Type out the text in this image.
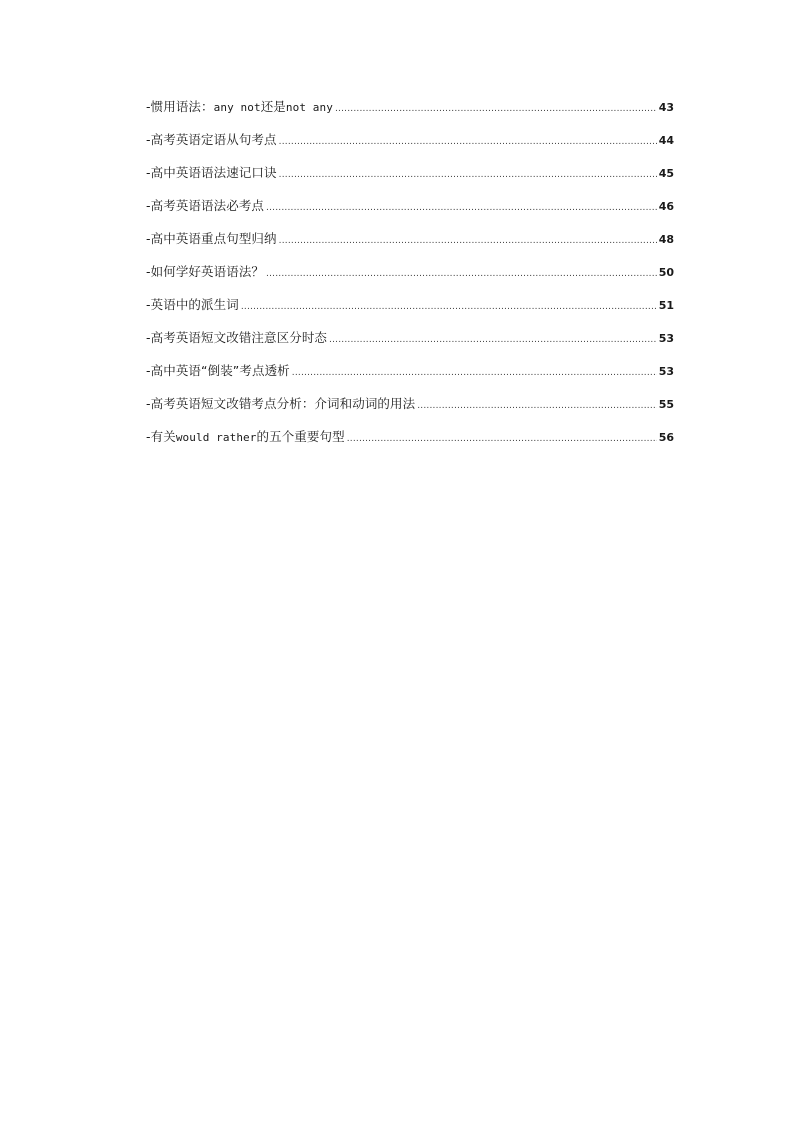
-惯用语法：any not还是not any .....	43
-高考英语定语从句考点 .....	44
-高中英语语法速记口诀 .....	45
-高考英语语法必考点 .....	46
-高中英语重点句型归纳 .....	48
-如何学好英语语法？ .....	50
-英语中的派生词 .....	51
-高考英语短文改错注意区分时态 .....	53
-高中英语“倒装”考点透析 .....	53
-高考英语短文改错考点分析：介词和动词的用法 .....	55
-有关would rather的五个重要句型 .....	56
